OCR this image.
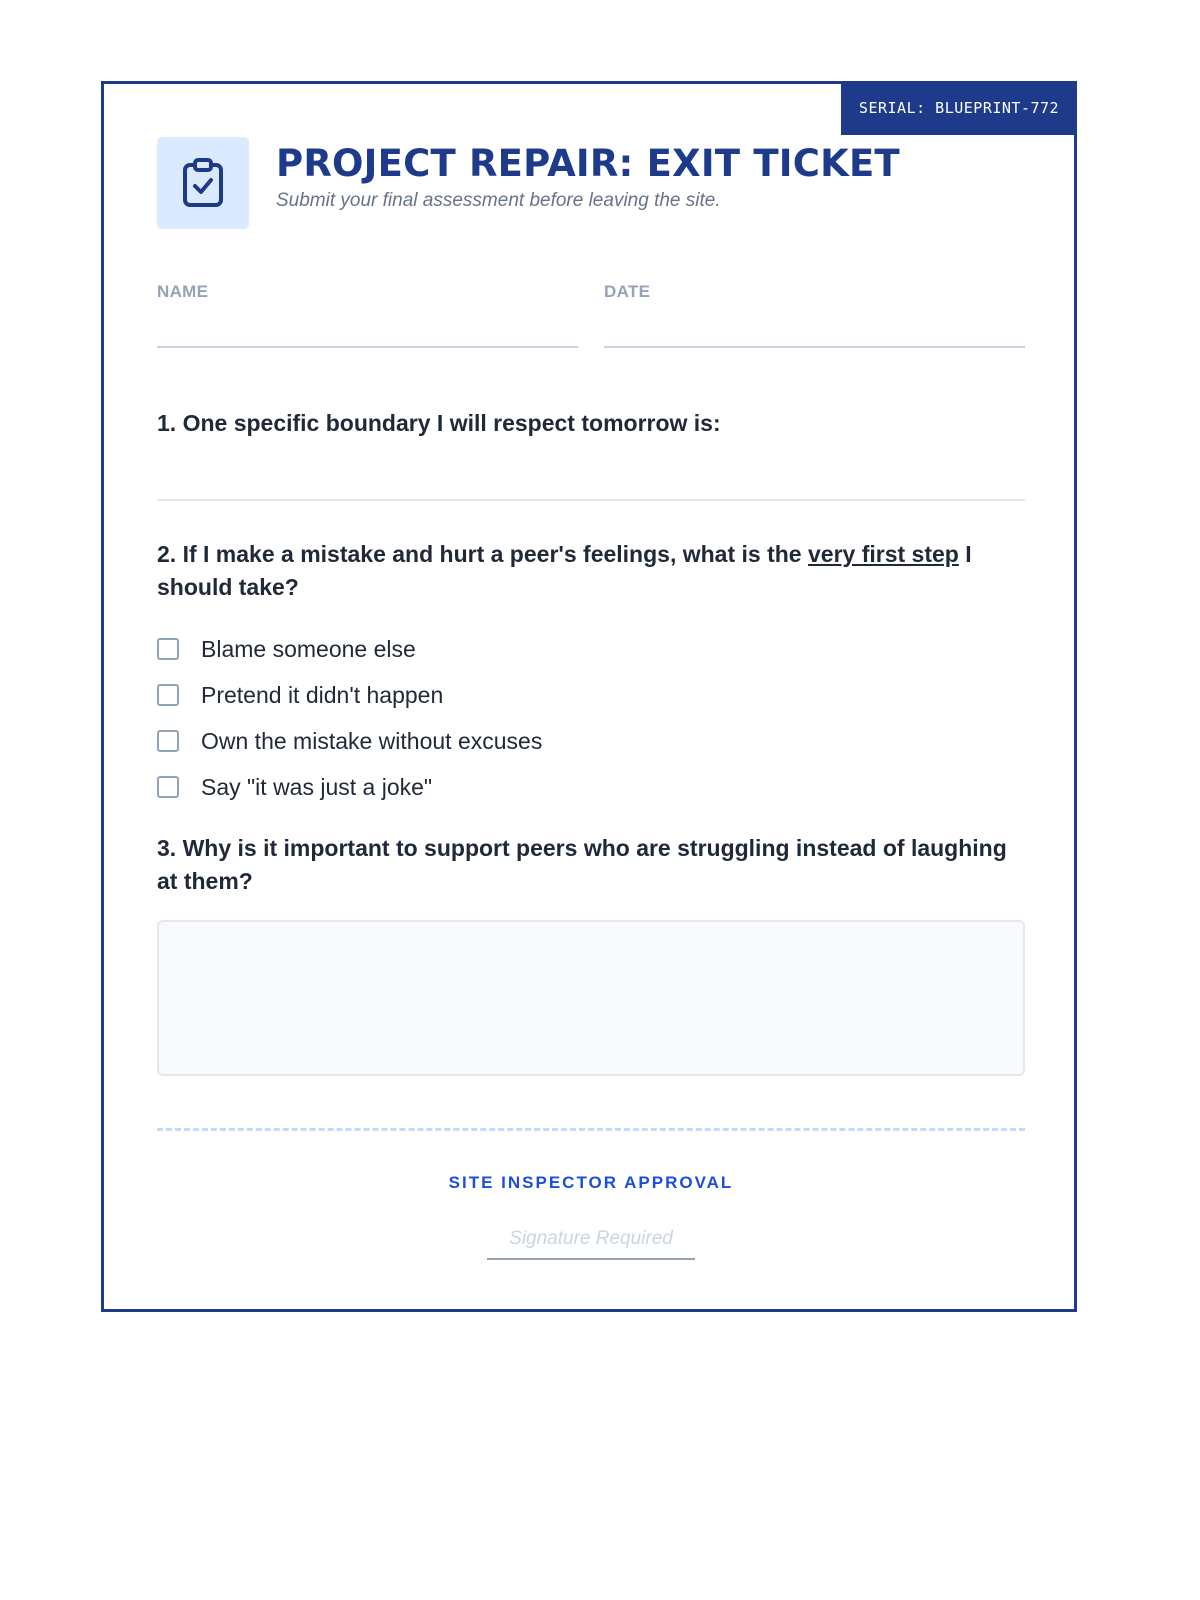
SERIAL: BLUEPRINT-772
PROJECT REPAIR: EXIT TICKET
Submit your final assessment before leaving the site.
NAME	DATE
1. One specific boundary I will respect tomorrow is:
2. If I make a mistake and hurt a peer's feelings, what is the very first step I should take?
Blame someone else
Pretend it didn't happen
Own the mistake without excuses
Say "it was just a joke"
3. Why is it important to support peers who are struggling instead of laughing at them?
SITE INSPECTOR APPROVAL
Signature Required
